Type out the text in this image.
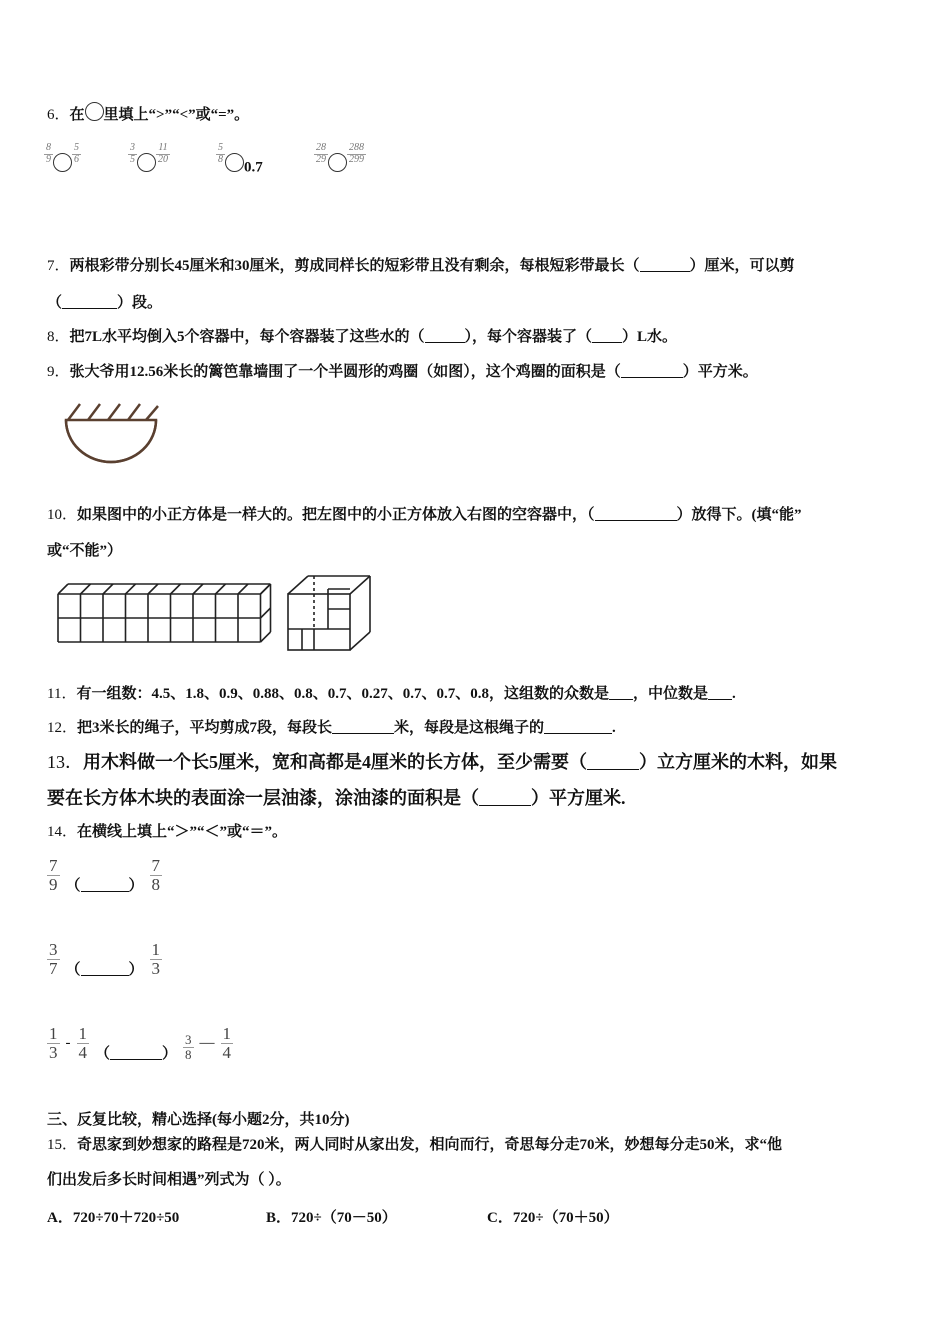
6．在 里填上“>”“<”或“=”。
$\frac{8}{9} \frac{5}{6}$	$\frac{3}{5} \frac{11}{20}$	$\frac{5}{8}$
0.7
$\frac{28}{29} \frac{288}{299}$
7．两根彩带分别长45厘米和30厘米，剪成同样长的短彩带且没有剩余，每根短彩带最长（	）厘米，可以剪
（	）段。
8．把7L水平均倒入5个容器中，每个容器装了这些水的（	），每个容器装了（ ）L水。
9．张大爷用12.56米长的篱笆靠墙围了一个半圆形的鸡圈（如图），这个鸡圈的面积是（	）平方米。
10．如果图中的小正方体是一样大的。把左图中的小正方体放入右图的空容器中，（	）放得下。(填“能”
或“不能”）
11．有一组数：4.5、1.8、0.9、0.88、0.8、0.7、0.27、0.7、0.7、0.8，这组数的众数是 ，中位数是 .
12．把3米长的绳子，平均剪成7段，每段长	米，每段是这根绳子的	.
13．用木料做一个长5厘米，宽和高都是4厘米的长方体，至少需要（	）立方厘米的木料，如果
要在长方体木块的表面涂一层油漆，涂油漆的面积是（	）平方厘米.
14．在横线上填上“＞”“＜”或“＝”。
$\frac{7}{9}$ （	） $\frac{7}{8}$
$\frac{3}{7}$ （	） $\frac{1}{3}$
$\frac{1}{3} - \frac{1}{4}$ （	） $\frac{3}{8}$ — $\frac{1}{4}$
三、反复比较，精心选择(每小题2分，共10分)
15．奇思家到妙想家的路程是720米，两人同时从家出发，相向而行，奇思每分走70米，妙想每分走50米，求“他
们出发后多长时间相遇”列式为（ ）。
A．720÷70＋720÷50	B．720÷（70－50）	C．720÷（70＋50）
